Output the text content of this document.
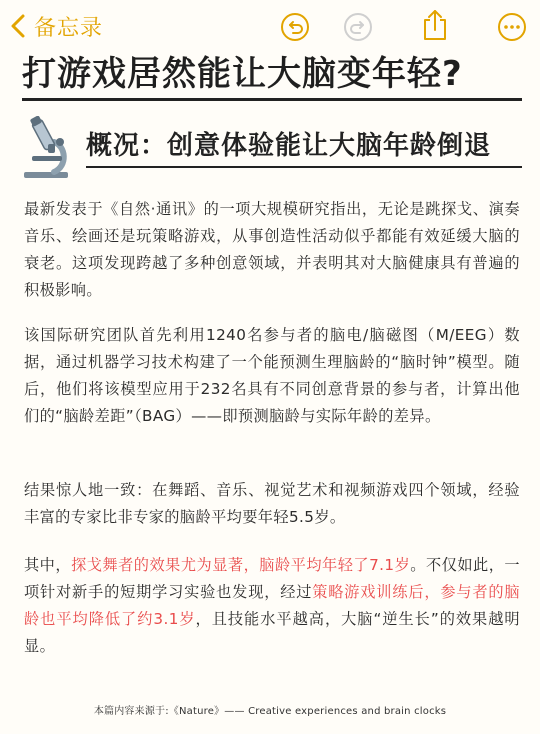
备忘录
打游戏居然能让大脑变年轻?
概况：创意体验能让大脑年龄倒退

最新发表于《自然·通讯》的一项大规模研究指出，无论是跳探戈、演奏音乐、绘画还是玩策略游戏，从事创造性活动似乎都能有效延缓大脑的衰老。这项发现跨越了多种创意领域，并表明其对大脑健康具有普遍的积极影响。

该国际研究团队首先利用1240名参与者的脑电/脑磁图（M/EEG）数据，通过机器学习技术构建了一个能预测生理脑龄的“脑时钟”模型。随后，他们将该模型应用于232名具有不同创意背景的参与者，计算出他们的“脑龄差距”（BAG）——即预测脑龄与实际年龄的差异。

结果惊人地一致：在舞蹈、音乐、视觉艺术和视频游戏四个领域，经验丰富的专家比非专家的脑龄平均要年轻5.5岁。

其中，探戈舞者的效果尤为显著，脑龄平均年轻了7.1岁。不仅如此，一项针对新手的短期学习实验也发现，经过策略游戏训练后，参与者的脑龄也平均降低了约3.1岁，且技能水平越高，大脑“逆生长”的效果越明显。

本篇内容来源于:《Nature》—— Creative experiences and brain clocks
